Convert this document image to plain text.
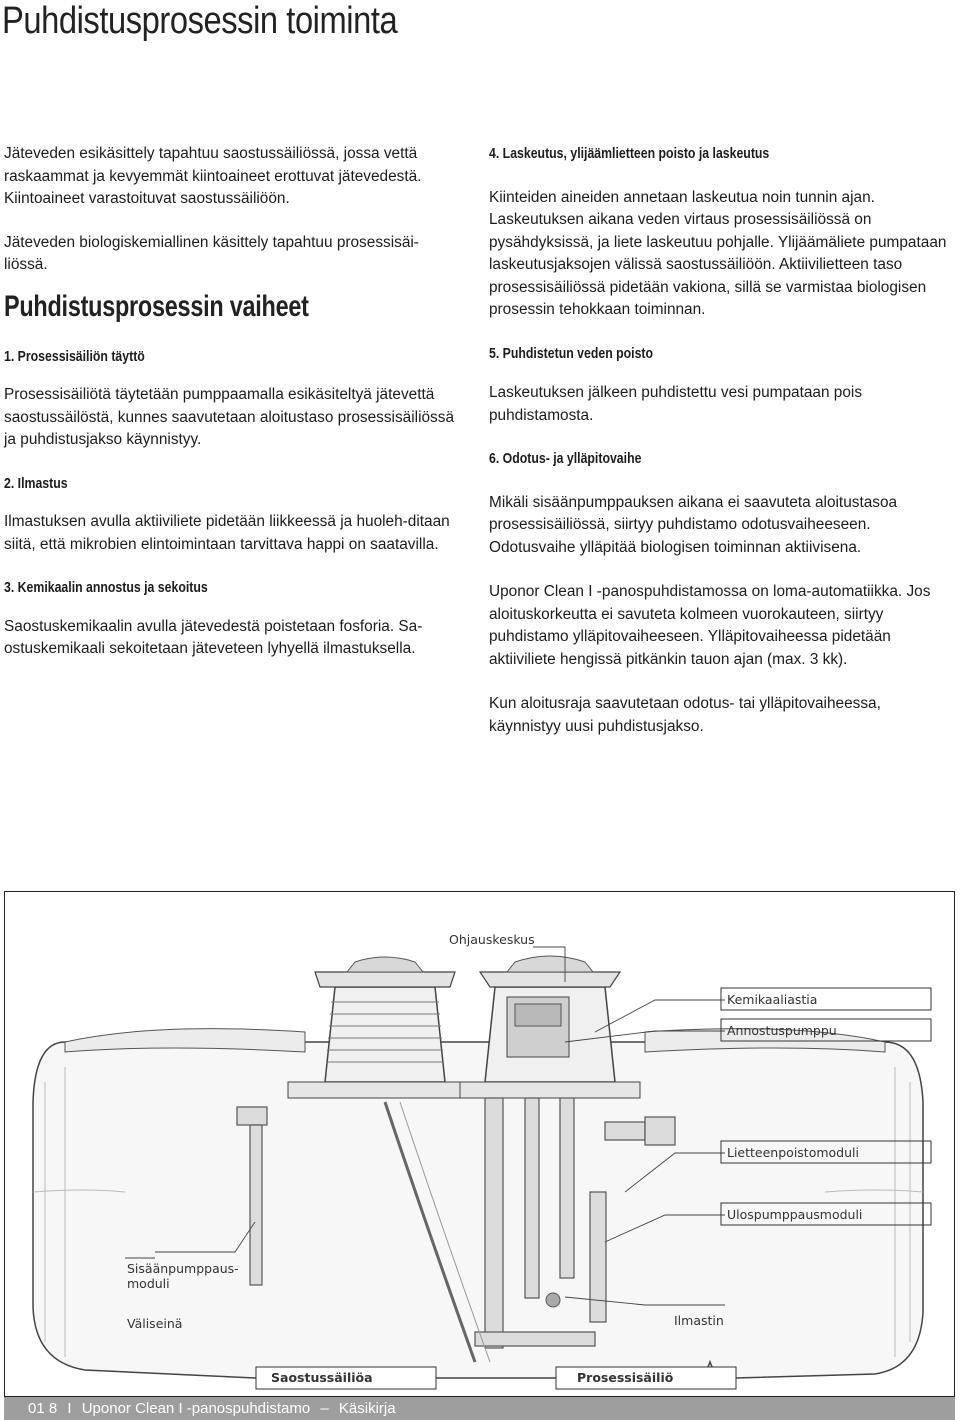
Puhdistusprosessin toiminta

Jäteveden esikäsittely tapahtuu saostussäiliössä, jossa vettä raskaammat ja kevyemmät kiintoaineet erottuvat jätevedestä. Kiintoaineet varastoituvat saostussäiliöön.

Jäteveden biologiskemiallinen käsittely tapahtuu prosessisäi-liössä.

Puhdistusprosessin vaiheet
1. Prosessisäiliön täyttö

Prosessisäiliötä täytetään pumppaamalla esikäsiteltyä jätevettä saostussäilöstä, kunnes saavutetaan aloitustaso prosessisäiliössä ja puhdistusjakso käynnistyy.

2. Ilmastus

Ilmastuksen avulla aktiiviliete pidetään liikkeessä ja huoleh-ditaan siitä, että mikrobien elintoimintaan tarvittava happi on saatavilla.

3. Kemikaalin annostus ja sekoitus

Saostuskemikaalin avulla jätevedestä poistetaan fosforia. Sa-ostuskemikaali sekoitetaan jäteveteen lyhyellä ilmastuksella.

4. Laskeutus, ylijäämlietteen poisto ja laskeutus

Kiinteiden aineiden annetaan laskeutua noin tunnin ajan. Laskeutuksen aikana veden virtaus prosessisäiliössä on pysähdyksissä, ja liete laskeutuu pohjalle. Ylijäämäliete pumpataan laskeutusjaksojen välissä saostussäiliöön. Aktiivilietteen taso prosessisäiliössä pidetään vakiona, sillä se varmistaa biologisen prosessin tehokkaan toiminnan.

5. Puhdistetun veden poisto

Laskeutuksen jälkeen puhdistettu vesi pumpataan pois puhdistamosta.

6. Odotus- ja ylläpitovaihe

Mikäli sisäänpumppauksen aikana ei saavuteta aloitustasoa prosessisäiliössä, siirtyy puhdistamo odotusvaiheeseen. Odotusvaihe ylläpitää biologisen toiminnan aktiivisena.

Uponor Clean I -panospuhdistamossa on loma-automatiikka. Jos aloituskorkeutta ei savuteta kolmeen vuorokauteen, siirtyy puhdistamo ylläpitovaiheeseen. Ylläpitovaiheessa pidetään aktiiviliete hengissä pitkänkin tauon ajan (max. 3 kk).

Kun aloitusraja saavutetaan odotus- tai ylläpitovaiheessa, käynnistyy uusi puhdistusjakso.

Ohjauskeskus
Kemikaaliastia
Annostuspumppu
Sisäänpumppaus-
moduli
Lietteenpoistomoduli
Ulospumppausmoduli
Väliseinä	Ilmastin
Saostussäiliöa	Prosessisäiliö
01 8 I Uponor Clean I -panospuhdistamo – Käsikirja
